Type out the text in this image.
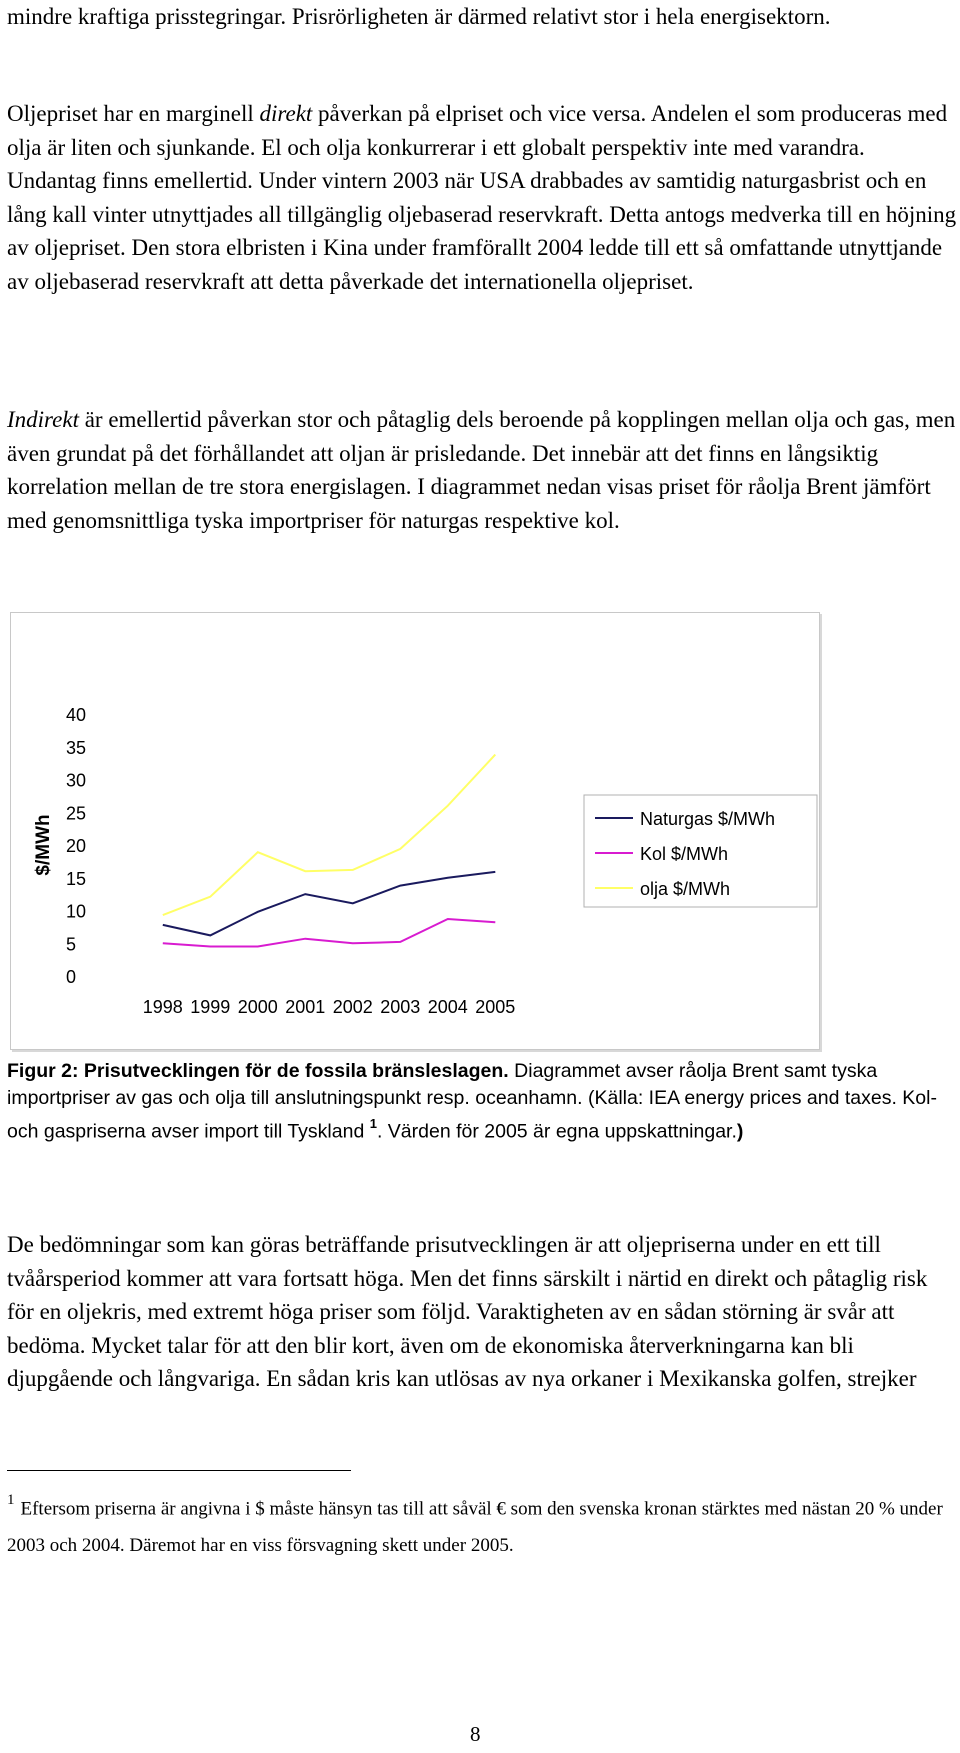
mindre kraftiga prisstegringar. Prisrörligheten är därmed relativt stor i hela energisektorn.

Oljepriset har en marginell direkt påverkan på elpriset och vice versa. Andelen el som produceras med olja är liten och sjunkande. El och olja konkurrerar i ett globalt perspektiv inte med varandra. Undantag finns emellertid. Under vintern 2003 när USA drabbades av samtidig naturgasbrist och en lång kall vinter utnyttjades all tillgänglig oljebaserad reservkraft. Detta antogs medverka till en höjning av oljepriset. Den stora elbristen i Kina under framförallt 2004 ledde till ett så omfattande utnyttjande av oljebaserad reservkraft att detta påverkade det internationella oljepriset.

Indirekt är emellertid påverkan stor och påtaglig dels beroende på kopplingen mellan olja och gas, men även grundat på det förhållandet att oljan är prisledande. Det innebär att det finns en långsiktig korrelation mellan de tre stora energislagen. I diagrammet nedan visas priset för råolja Brent jämfört med genomsnittliga tyska importpriser för naturgas respektive kol.

0
5
10
15
20
25
30
35
40
1998 1999 2000 2001 2002 2003 2004 2005
$/MWh	Naturgas $/MWh
Kol $/MWh
olja $/MWh

Figur 2: Prisutvecklingen för de fossila bränsleslagen. Diagrammet avser råolja Brent samt tyska importpriser av gas och olja till anslutningspunkt resp. oceanhamn. (Källa: IEA energy prices and taxes. Kol- och gaspriserna avser import till Tyskland $^1$. Värden för 2005 är egna uppskattningar.)

De bedömningar som kan göras beträffande prisutvecklingen är att oljepriserna under en ett till tvåårsperiod kommer att vara fortsatt höga. Men det finns särskilt i närtid en direkt och påtaglig risk för en oljekris, med extremt höga priser som följd. Varaktigheten av en sådan störning är svår att bedöma. Mycket talar för att den blir kort, även om de ekonomiska återverkningarna kan bli djupgående och långvariga. En sådan kris kan utlösas av nya orkaner i Mexikanska golfen, strejker

$^1$ Eftersom priserna är angivna i $ måste hänsyn tas till att såväl € som den svenska kronan stärktes med nästan 20 % under 2003 och 2004. Däremot har en viss försvagning skett under 2005.

8
